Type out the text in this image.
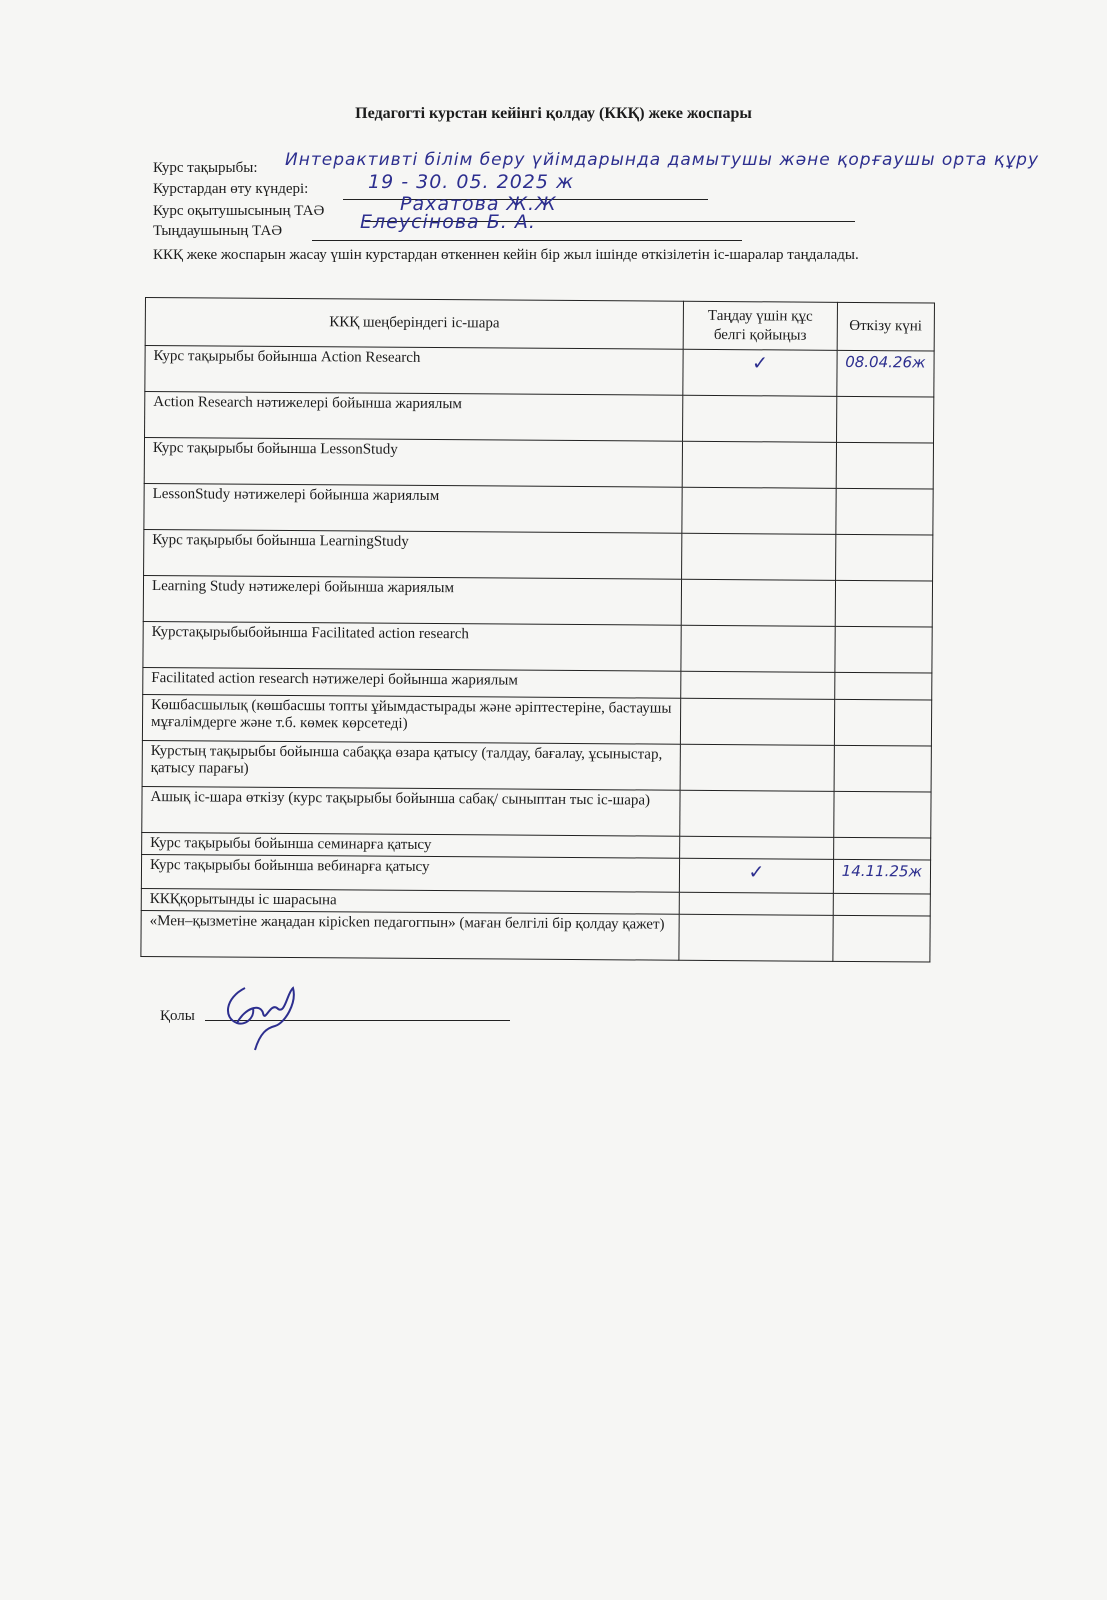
Педагогті курстан кейінгі қолдау (ККҚ) жеке жоспары
Курс тақырыбы: Интерактивті білім беру үйімдарында дамытушы және қорғаушы орта құру
Курстардан өту күндері:	19 - 30. 05. 2025 ж
Курс оқытушысының ТАӘ	Рахатова Ж.Ж
Тыңдаушының ТАӘ	Елеусінова Б. А.
ККҚ жеке жоспарын жасау үшін курстардан өткеннен кейін бір жыл ішінде өткізілетін іс-шаралар таңдалады.
ККҚ шеңберіндегі іс-шара	Таңдау үшін құс белгі қойыңыз	Өткізу күні
Курс тақырыбы бойынша Action Research	✓	08.04.26ж
Action Research нәтижелері бойынша жариялым		
Курс тақырыбы бойынша LessonStudy		
LessonStudy нәтижелері бойынша жариялым		
Курс тақырыбы бойынша LearningStudy		
Learning Study нәтижелері бойынша жариялым		
Курстақырыбыбойынша Facilitated action research		
Facilitated action research нәтижелері бойынша жариялым		
Көшбасшылық (көшбасшы топты ұйымдастырады және әріптестеріне, бастаушы мұғалімдерге және т.б. көмек көрсетеді)		
Курстың тақырыбы бойынша сабаққа өзара қатысу (талдау, бағалау, ұсыныстар, қатысу парағы)		
Ашық іс-шара өткізу (курс тақырыбы бойынша сабақ/ сыныптан тыс іс-шара)		
Курс тақырыбы бойынша семинарға қатысу		
Курс тақырыбы бойынша вебинарға қатысу	✓	14.11.25ж
ККҚқорытынды іс шарасына		
«Мен–қызметіне жаңадан кірісken педагогпын» (маған белгілі бір қолдау қажет)		
Қолы
